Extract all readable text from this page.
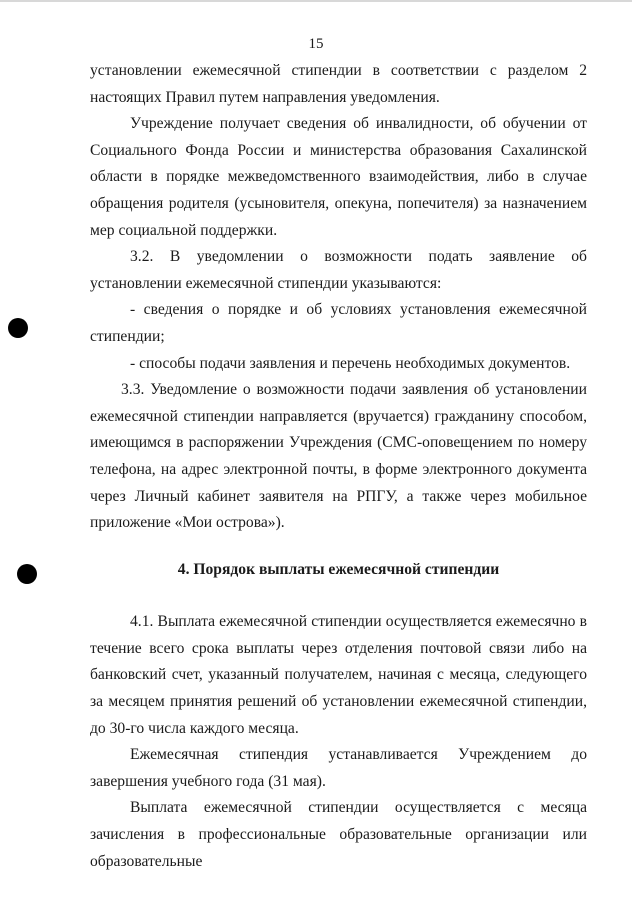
15

установлении ежемесячной стипендии в соответствии с разделом 2 настоящих Правил путем направления уведомления.

Учреждение получает сведения об инвалидности, об обучении от Социального Фонда России и министерства образования Сахалинской области в порядке межведомственного взаимодействия, либо в случае обращения родителя (усыновителя, опекуна, попечителя) за назначением мер социальной поддержки.

3.2. В уведомлении о возможности подать заявление об установлении ежемесячной стипендии указываются:

- сведения о порядке и об условиях установления ежемесячной стипендии;

- способы подачи заявления и перечень необходимых документов.

3.3. Уведомление о возможности подачи заявления об установлении ежемесячной стипендии направляется (вручается) гражданину способом, имеющимся в распоряжении Учреждения (СМС-оповещением по номеру телефона, на адрес электронной почты, в форме электронного документа через Личный кабинет заявителя на РПГУ, а также через мобильное приложение «Мои острова»).

4. Порядок выплаты ежемесячной стипендии

4.1. Выплата ежемесячной стипендии осуществляется ежемесячно в течение всего срока выплаты через отделения почтовой связи либо на банковский счет, указанный получателем, начиная с месяца, следующего за месяцем принятия решений об установлении ежемесячной стипендии, до 30-го числа каждого месяца.

Ежемесячная стипендия устанавливается Учреждением до завершения учебного года (31 мая).

Выплата ежемесячной стипендии осуществляется с месяца зачисления в профессиональные образовательные организации или образовательные
